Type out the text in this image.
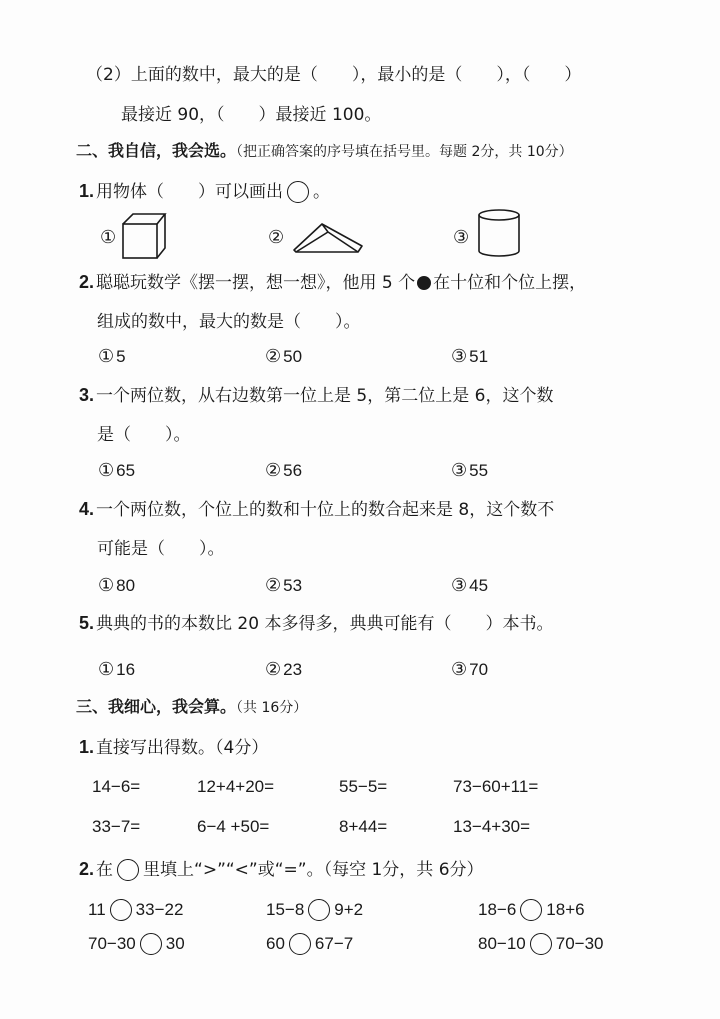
（2）上面的数中，最大的是（　　），最小的是（　　），（　　）
最接近 90，（　　）最接近 100。
二、我自信，我会选。（把正确答案的序号填在括号里。每题 2分，共 10分）
1. 用物体（　　）可以画出 。
①	②	③
2. 聪聪玩数学《摆一摆，想一想》，他用 5 个 在十位和个位上摆，
组成的数中，最大的数是（　　）。
① 5	② 50	③ 51
3. 一个两位数，从右边数第一位上是 5，第二位上是 6，这个数
是（　　）。
① 65	② 56	③ 55
4. 一个两位数，个位上的数和十位上的数合起来是 8，这个数不
可能是（　　）。
① 80	② 53	③ 45
5. 典典的书的本数比 20 本多得多，典典可能有（　　）本书。
① 16	② 23	③ 70
三、我细心，我会算。（共 16分）
1. 直接写出得数。（4分）
14−6=	12+4+20=	55−5=	73−60+11=
33−7=	6−4 +50=	8+44=	13−4+30=
2. 在 里填上“>”“<”或“=”。（每空 1分，共 6分）
11 33−22	15−8 9+2	18−6 18+6
70−30 30	60 67−7	80−10 70−30
